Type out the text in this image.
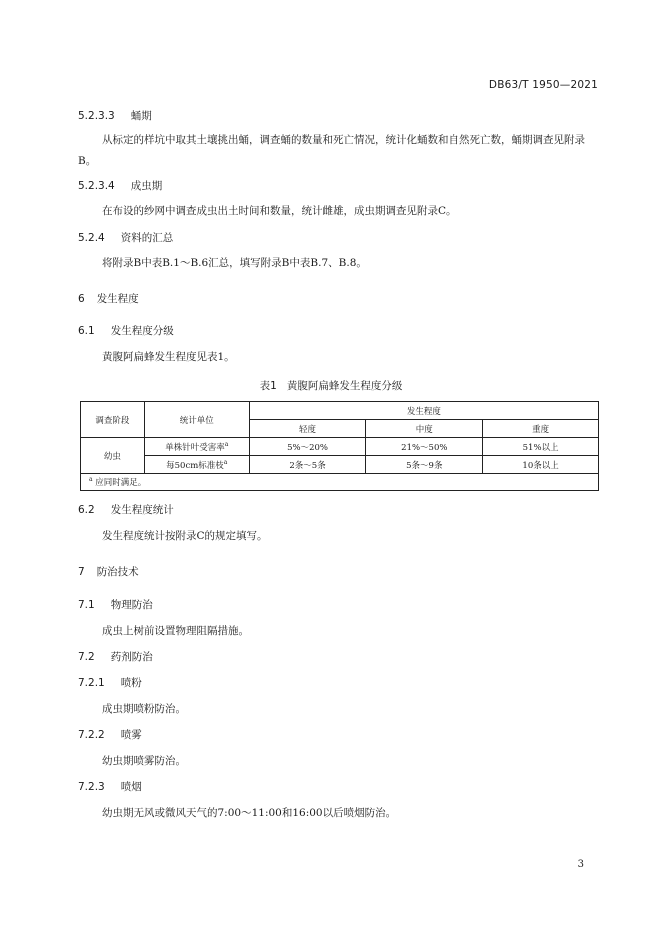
DB63/T 1950—2021
5.2.3.3 蛹期
从标定的样坑中取其土壤挑出蛹，调查蛹的数量和死亡情况，统计化蛹数和自然死亡数，蛹期调查见附录B。
5.2.3.4 成虫期
在布设的纱网中调查成虫出土时间和数量，统计雌雄，成虫期调查见附录C。
5.2.4 资料的汇总
将附录B中表B.1～B.6汇总，填写附录B中表B.7、B.8。
6 发生程度
6.1 发生程度分级
黄腹阿扁蜂发生程度见表1。
表1 黄腹阿扁蜂发生程度分级
调查阶段	统计单位	发生程度		
		轻度	中度	重度
幼虫	单株针叶受害率$^a$	5%～20%	21%～50%	51%以上
	每50cm标准枝$^a$	2条～5条	5条～9条	10条以上
$^a$ 应同时满足。				
6.2 发生程度统计
发生程度统计按附录C的规定填写。
7 防治技术
7.1 物理防治
成虫上树前设置物理阻隔措施。
7.2 药剂防治
7.2.1 喷粉
成虫期喷粉防治。
7.2.2 喷雾
幼虫期喷雾防治。
7.2.3 喷烟
幼虫期无风或微风天气的7:00～11:00和16:00以后喷烟防治。
3
